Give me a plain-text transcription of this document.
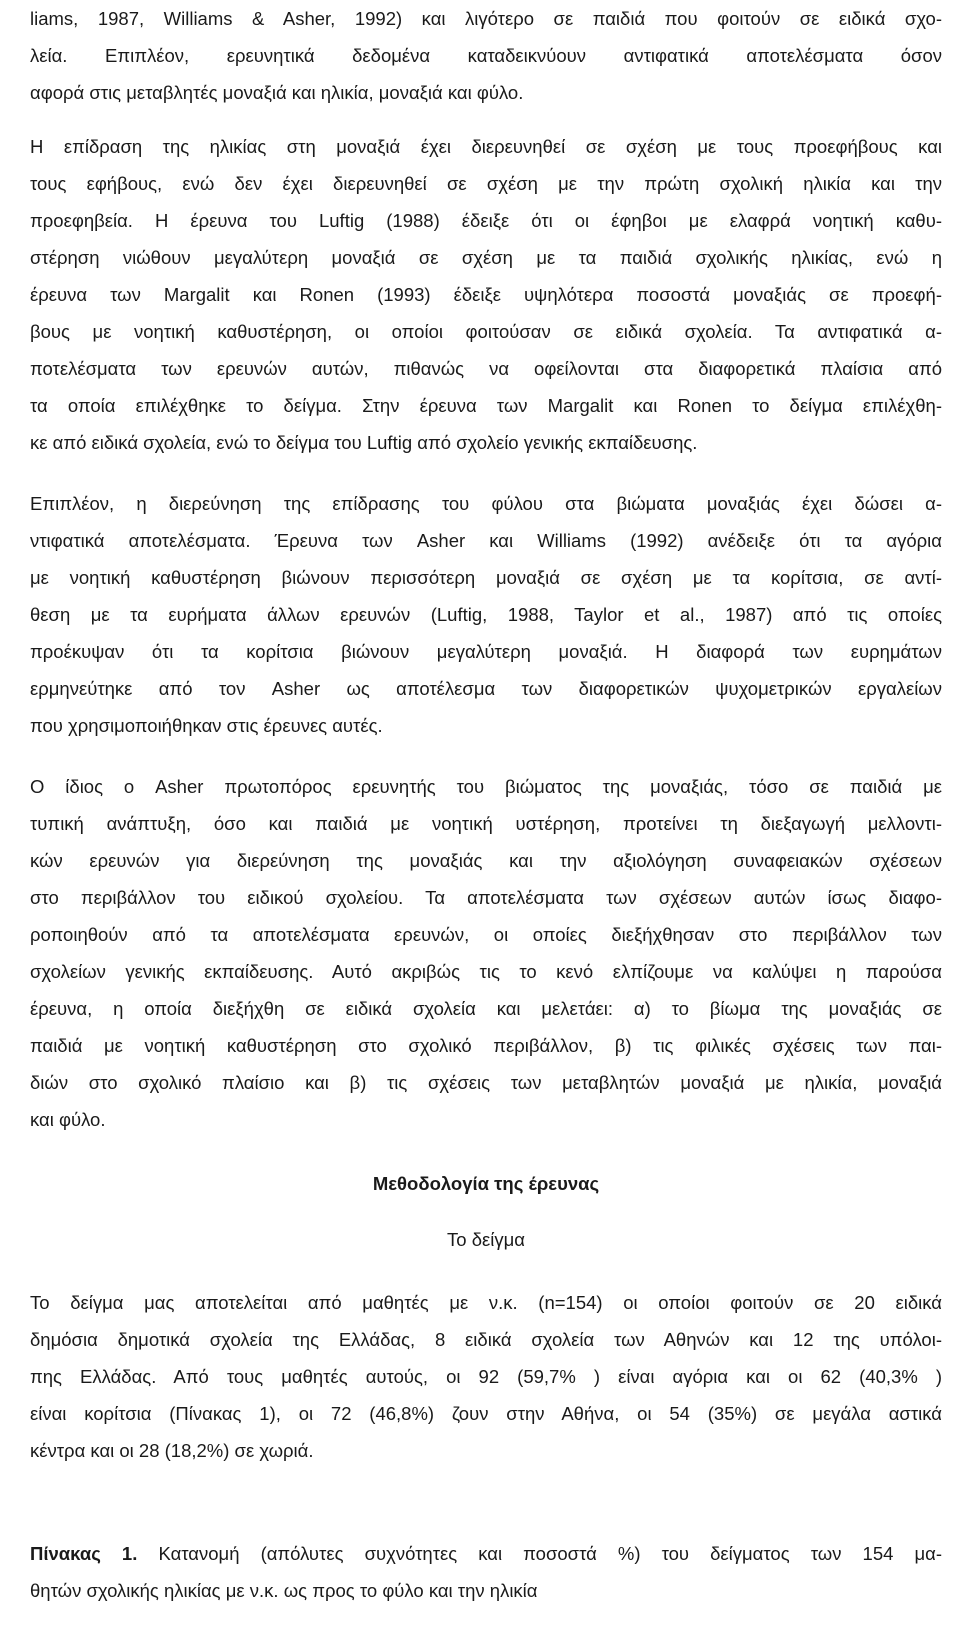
liams, 1987, Williams & Asher, 1992) και λιγότερο σε παιδιά που φοιτούν σε ειδικά σχο-
λεία. Επιπλέον, ερευνητικά δεδομένα καταδεικνύουν αντιφατικά αποτελέσματα όσον
αφορά στις μεταβλητές μοναξιά και ηλικία, μοναξιά και φύλο.
Η επίδραση της ηλικίας στη μοναξιά έχει διερευνηθεί σε σχέση με τους προεφήβους και
τους εφήβους, ενώ δεν έχει διερευνηθεί σε σχέση με την πρώτη σχολική ηλικία και την
προεφηβεία. Η έρευνα του Luftig (1988) έδειξε ότι οι έφηβοι με ελαφρά νοητική καθυ-
στέρηση νιώθουν μεγαλύτερη μοναξιά σε σχέση με τα παιδιά σχολικής ηλικίας, ενώ η
έρευνα των Margalit και Ronen (1993) έδειξε υψηλότερα ποσοστά μοναξιάς σε προεφή-
βους με νοητική καθυστέρηση, οι οποίοι φοιτούσαν σε ειδικά σχολεία. Τα αντιφατικά α-
ποτελέσματα των ερευνών αυτών, πιθανώς να οφείλονται στα διαφορετικά πλαίσια από
τα οποία επιλέχθηκε το δείγμα. Στην έρευνα των Margalit και Ronen το δείγμα επιλέχθη-
κε από ειδικά σχολεία, ενώ το δείγμα του Luftig από σχολείο γενικής εκπαίδευσης.
Επιπλέον, η διερεύνηση της επίδρασης του φύλου στα βιώματα μοναξιάς έχει δώσει α-
ντιφατικά αποτελέσματα. Έρευνα των Asher και Williams (1992) ανέδειξε ότι τα αγόρια
με νοητική καθυστέρηση βιώνουν περισσότερη μοναξιά σε σχέση με τα κορίτσια, σε αντί-
θεση με τα ευρήματα άλλων ερευνών (Luftig, 1988, Taylor et al., 1987) από τις οποίες
προέκυψαν ότι τα κορίτσια βιώνουν μεγαλύτερη μοναξιά. Η διαφορά των ευρημάτων
ερμηνεύτηκε από τον Asher ως αποτέλεσμα των διαφορετικών ψυχομετρικών εργαλείων
που χρησιμοποιήθηκαν στις έρευνες αυτές.
Ο ίδιος ο Asher πρωτοπόρος ερευνητής του βιώματος της μοναξιάς, τόσο σε παιδιά με
τυπική ανάπτυξη, όσο και παιδιά με νοητική υστέρηση, προτείνει τη διεξαγωγή μελλοντι-
κών ερευνών για διερεύνηση της μοναξιάς και την αξιολόγηση συναφειακών σχέσεων
στο περιβάλλον του ειδικού σχολείου. Τα αποτελέσματα των σχέσεων αυτών ίσως διαφο-
ροποιηθούν από τα αποτελέσματα ερευνών, οι οποίες διεξήχθησαν στο περιβάλλον των
σχολείων γενικής εκπαίδευσης. Αυτό ακριβώς τις το κενό ελπίζουμε να καλύψει η παρούσα
έρευνα, η οποία διεξήχθη σε ειδικά σχολεία και μελετάει: α) το βίωμα της μοναξιάς σε
παιδιά με νοητική καθυστέρηση στο σχολικό περιβάλλον, β) τις φιλικές σχέσεις των παι-
διών στο σχολικό πλαίσιο και β) τις σχέσεις των μεταβλητών μοναξιά με ηλικία, μοναξιά
και φύλο.
Μεθοδολογία της έρευνας
Το δείγμα
Το δείγμα μας αποτελείται από μαθητές με ν.κ. (n=154) οι οποίοι φοιτούν σε 20 ειδικά
δημόσια δημοτικά σχολεία της Ελλάδας, 8 ειδικά σχολεία των Αθηνών και 12 της υπόλοι-
πης Ελλάδας. Από τους μαθητές αυτούς, οι 92 (59,7% ) είναι αγόρια και οι 62 (40,3% )
είναι κορίτσια (Πίνακας 1), οι 72 (46,8%) ζουν στην Αθήνα, οι 54 (35%) σε μεγάλα αστικά
κέντρα και οι 28 (18,2%) σε χωριά.
Πίνακας 1. Κατανομή (απόλυτες συχνότητες και ποσοστά %) του δείγματος των 154 μα-
θητών σχολικής ηλικίας με ν.κ. ως προς το φύλο και την ηλικία
